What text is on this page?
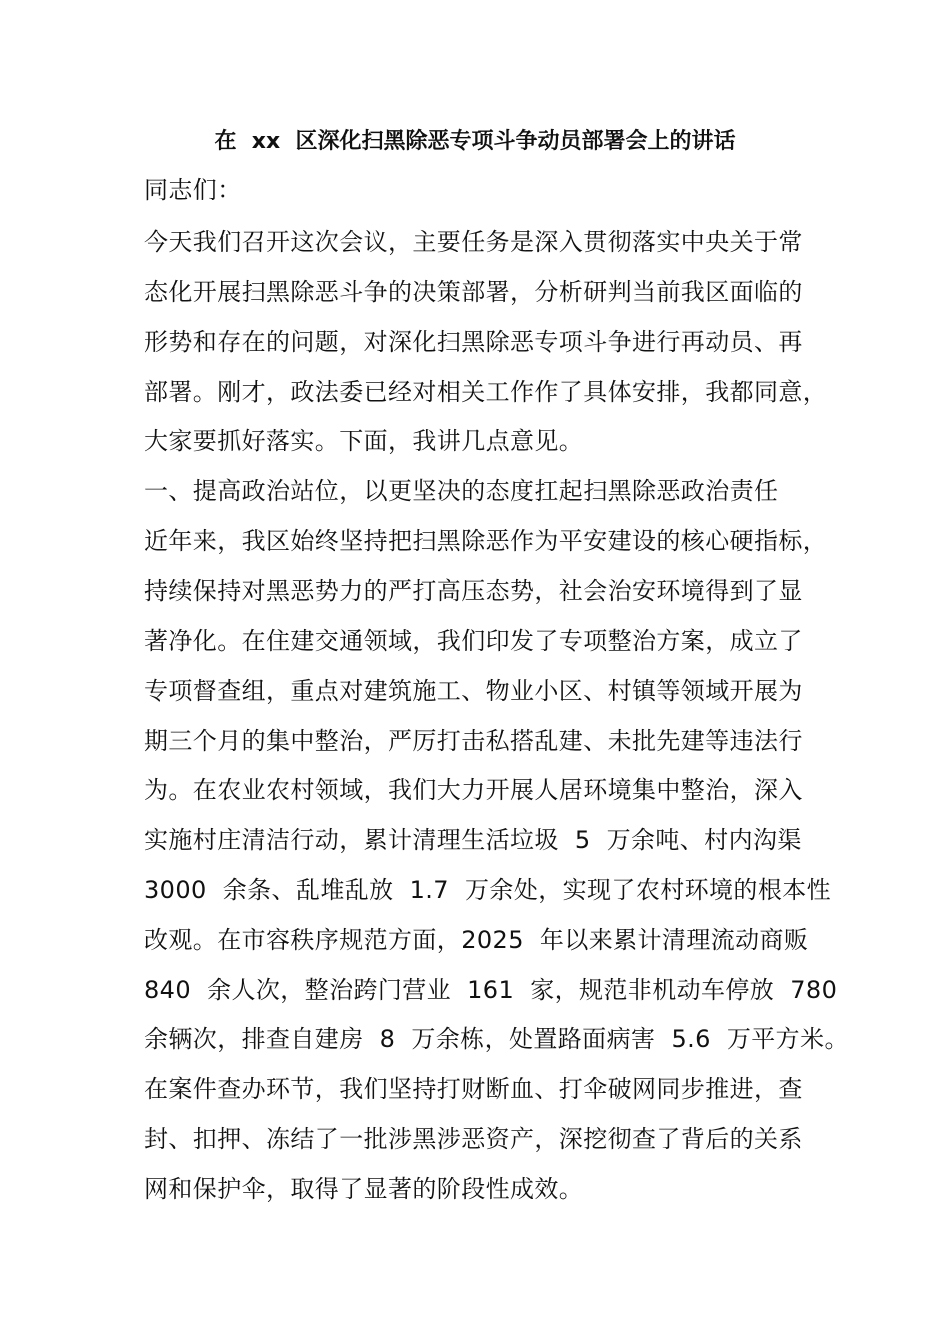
在  xx  区深化扫黑除恶专项斗争动员部署会上的讲话
同志们：
今天我们召开这次会议，主要任务是深入贯彻落实中央关于常
态化开展扫黑除恶斗争的决策部署，分析研判当前我区面临的
形势和存在的问题，对深化扫黑除恶专项斗争进行再动员、再
部署。刚才，政法委已经对相关工作作了具体安排，我都同意，
大家要抓好落实。下面，我讲几点意见。
一、提高政治站位，以更坚决的态度扛起扫黑除恶政治责任
近年来，我区始终坚持把扫黑除恶作为平安建设的核心硬指标，
持续保持对黑恶势力的严打高压态势，社会治安环境得到了显
著净化。在住建交通领域，我们印发了专项整治方案，成立了
专项督查组，重点对建筑施工、物业小区、村镇等领域开展为
期三个月的集中整治，严厉打击私搭乱建、未批先建等违法行
为。在农业农村领域，我们大力开展人居环境集中整治，深入
实施村庄清洁行动，累计清理生活垃圾  5  万余吨、村内沟渠
3000  余条、乱堆乱放  1.7  万余处，实现了农村环境的根本性
改观。在市容秩序规范方面，2025  年以来累计清理流动商贩
840  余人次，整治跨门营业  161  家，规范非机动车停放  780
余辆次，排查自建房  8  万余栋，处置路面病害  5.6  万平方米。
在案件查办环节，我们坚持打财断血、打伞破网同步推进，查
封、扣押、冻结了一批涉黑涉恶资产，深挖彻查了背后的关系
网和保护伞，取得了显著的阶段性成效。
